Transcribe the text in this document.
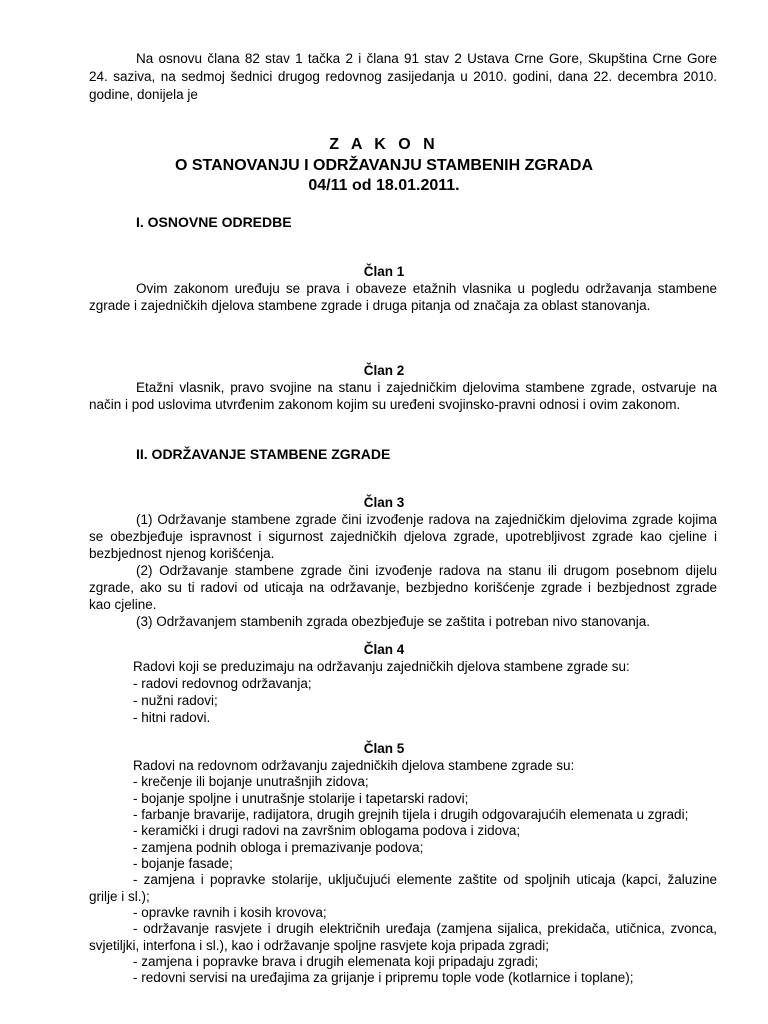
Na osnovu člana 82 stav 1 tačka 2 i člana 91 stav 2 Ustava Crne Gore, Skupština Crne Gore
24. saziva, na sedmoj šednici drugog redovnog zasijedanja u 2010. godini, dana 22. decembra 2010.
godine, donijela je
Z A K O N
O STANOVANJU I ODRŽAVANJU STAMBENIH ZGRADA
04/11 od 18.01.2011.
I. OSNOVNE ODREDBE
Član 1
Ovim zakonom uređuju se prava i obaveze etažnih vlasnika u pogledu održavanja stambene
zgrade i zajedničkih djelova stambene zgrade i druga pitanja od značaja za oblast stanovanja.
Član 2
Etažni vlasnik, pravo svojine na stanu i zajedničkim djelovima stambene zgrade, ostvaruje na
način i pod uslovima utvrđenim zakonom kojim su uređeni svojinsko-pravni odnosi i ovim zakonom.
II. ODRŽAVANJE STAMBENE ZGRADE
Član 3
(1) Održavanje stambene zgrade čini izvođenje radova na zajedničkim djelovima zgrade kojima
se obezbjeđuje ispravnost i sigurnost zajedničkih djelova zgrade, upotrebljivost zgrade kao cjeline i
bezbjednost njenog korišćenja.
(2) Održavanje stambene zgrade čini izvođenje radova na stanu ili drugom posebnom dijelu
zgrade, ako su ti radovi od uticaja na održavanje, bezbjedno korišćenje zgrade i bezbjednost zgrade
kao cjeline.
(3) Održavanjem stambenih zgrada obezbjeđuje se zaštita i potreban nivo stanovanja.
Član 4
Radovi koji se preduzimaju na održavanju zajedničkih djelova stambene zgrade su:
- radovi redovnog održavanja;
- nužni radovi;
- hitni radovi.
Član 5
Radovi na redovnom održavanju zajedničkih djelova stambene zgrade su:
- krečenje ili bojanje unutrašnjih zidova;
- bojanje spoljne i unutrašnje stolarije i tapetarski radovi;
- farbanje bravarije, radijatora, drugih grejnih tijela i drugih odgovarajućih elemenata u zgradi;
- keramički i drugi radovi na završnim oblogama podova i zidova;
- zamjena podnih obloga i premazivanje podova;
- bojanje fasade;
- zamjena i popravke stolarije, uključujući elemente zaštite od spoljnih uticaja (kapci, žaluzine
grilje i sl.);
- opravke ravnih i kosih krovova;
- održavanje rasvjete i drugih električnih uređaja (zamjena sijalica, prekidača, utičnica, zvonca,
svjetiljki, interfona i sl.), kao i održavanje spoljne rasvjete koja pripada zgradi;
- zamjena i popravke brava i drugih elemenata koji pripadaju zgradi;
- redovni servisi na uređajima za grijanje i pripremu tople vode (kotlarnice i toplane);
